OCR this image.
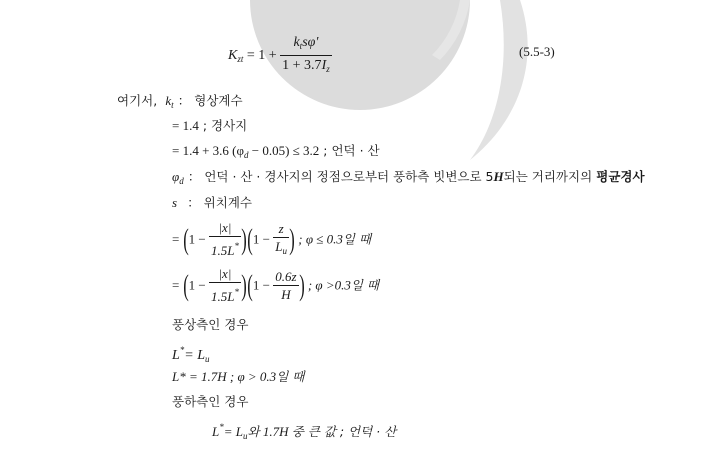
$K_{zt} = 1 + \frac{k_ts\varphi'}{1 + 3.7I_z}$	(5.5-3)
여기서, $k_t$ ： 형상계수
= 1.4 ; 경사지
= 1.4 + 3.6 $(\varphi_d - 0.05) \le 3.2$ ; 언덕 · 산
$\varphi_d$ ： 언덕 · 산 · 경사지의 정점으로부터 풍하측 빗변으로 5H되는 거리까지의 평균경사
s ： 위치계수
= $(1 - \frac{|x|}{1.5L^*} )(1 - \frac{z}{L_u}$ ) ; φ ≤ 0.3일 때
= $(1 - \frac{|x|}{1.5L^*} )(1 - \frac{0.6z}{H}$ ) ; φ >0.3일 때
풍상측인 경우
$L^*= L_u$
L* = 1.7H ; φ > 0.3일 때
풍하측인 경우
$L^*= L_u$와 1.7H 중 큰 값 ; 언덕 · 산
